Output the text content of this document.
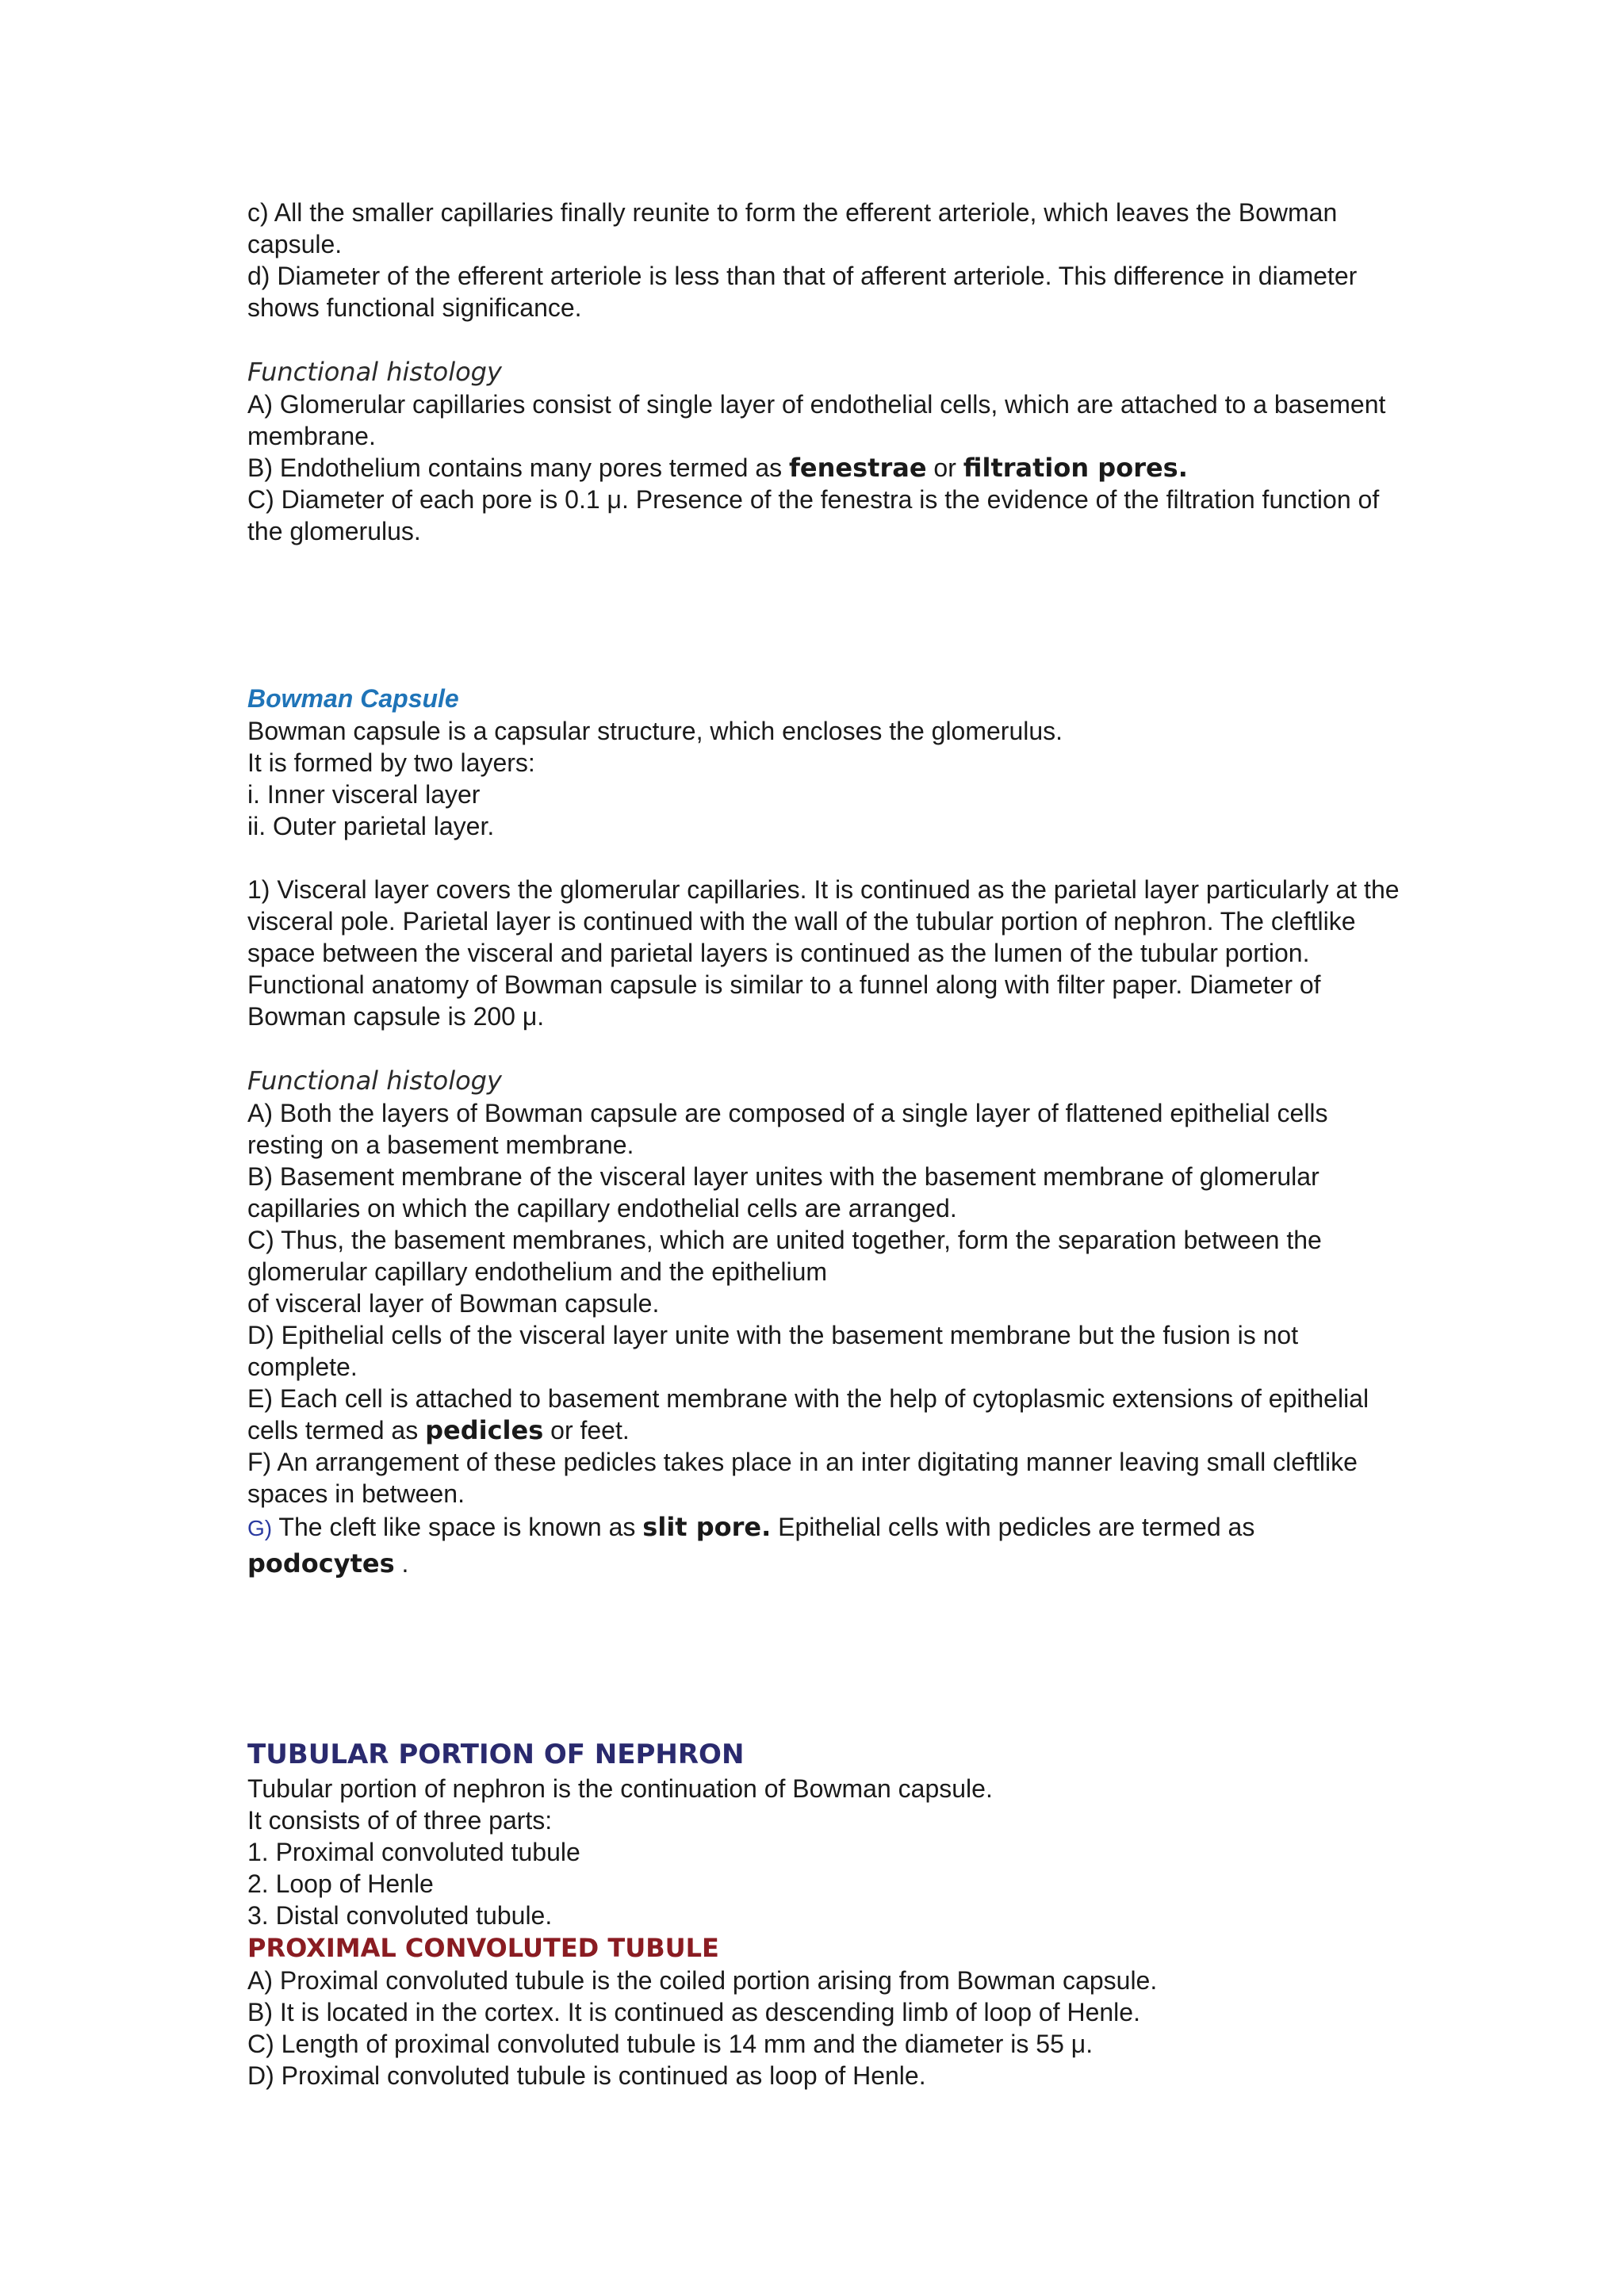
c) All the smaller capillaries finally reunite to form the efferent arteriole, which leaves the Bowman capsule.

d) Diameter of the efferent arteriole is less than that of afferent arteriole. This difference in diameter shows functional significance.

Functional histology

A) Glomerular capillaries consist of single layer of endothelial cells, which are attached to a basement membrane.

B) Endothelium contains many pores termed as fenestrae or filtration pores.

C) Diameter of each pore is 0.1 μ. Presence of the fenestra is the evidence of the filtration function of the glomerulus.

Bowman Capsule

Bowman capsule is a capsular structure, which encloses the glomerulus.

It is formed by two layers:

i. Inner visceral layer

ii. Outer parietal layer.

1) Visceral layer covers the glomerular capillaries. It is continued as the parietal layer particularly at the visceral pole. Parietal layer is continued with the wall of the tubular portion of nephron. The cleftlike space between the visceral and parietal layers is continued as the lumen of the tubular portion. Functional anatomy of Bowman capsule is similar to a funnel along with filter paper. Diameter of Bowman capsule is 200 μ.

Functional histology

A) Both the layers of Bowman capsule are composed of a single layer of flattened epithelial cells resting on a basement membrane.

B) Basement membrane of the visceral layer unites with the basement membrane of glomerular capillaries on which the capillary endothelial cells are arranged.

C) Thus, the basement membranes, which are united together, form the separation between the glomerular capillary endothelium and the epithelium

of visceral layer of Bowman capsule.

D) Epithelial cells of the visceral layer unite with the basement membrane but the fusion is not complete.

E) Each cell is attached to basement membrane with the help of cytoplasmic extensions of epithelial cells termed as pedicles or feet.

F) An arrangement of these pedicles takes place in an inter digitating manner leaving small cleftlike spaces in between.

G) The cleft like space is known as slit pore. Epithelial cells with pedicles are termed as podocytes .

TUBULAR PORTION OF NEPHRON

Tubular portion of nephron is the continuation of Bowman capsule.

It consists of of three parts:

1. Proximal convoluted tubule

2. Loop of Henle

3. Distal convoluted tubule.

PROXIMAL CONVOLUTED TUBULE

A) Proximal convoluted tubule is the coiled portion arising from Bowman capsule.

B) It is located in the cortex. It is continued as descending limb of loop of Henle.

C) Length of proximal convoluted tubule is 14 mm and the diameter is 55 μ.

D) Proximal convoluted tubule is continued as loop of Henle.
